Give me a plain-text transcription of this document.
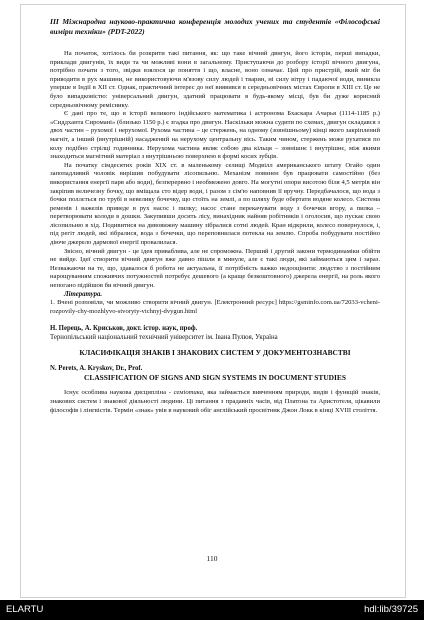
III Міжнародна науково-практична конференція молодих учених та студентів «Філософські виміри техніки» (PDT-2022)

На початок, хотілось би розкрити такі питання, як: що таке вічний двигун, його історія, перші випадки, приклади двигунів, їх види та чи можливі вони в загальному. Приступаючи до розбору історії вічного двигуна, потрібно почати з того, звідки взялося це поняття і що, власне, воно означає. Цей про пристрій, який міг би приводити в рух машини, не використовуючи м'язову силу людей і тварин, ні силу вітру і падаючої води, виникла уперше в Індії в XII ст. Однак, практичний інтерес до неї виявився в середньовічних містах Європи в XIII ст. Це не було випадковістю: універсальний двигун, здатний працювати в будь-якому місці, був би дуже корисний середньовічному реміснику.

Є дані про те, що в історії великого індійського математика і астронома Бхаскара Ачарья (1114-1185 р.) «Сиддханта Сиромані» (близько 1150 р.) є згадка про двигун. Наскільки можна судити по схемах, двигун складався з двох частин – рухомої і нерухомої. Рухома частина – це стержень, на одному (зовнішньому) кінці якого закріплений магніт, а інший (внутрішній) насаджений на нерухому центральну вісь. Таким чином, стержень може рухатися по колу подібно стрілці годинника. Нерухома частина являє собою два кільця – зовнішнє і внутрішнє, між якими знаходиться магнітний матеріал з внутрішньою поверхнею в формі косих зубців.

На початку сімдесятих років XIX ст. в маленькому селищі Модвілл американського штату Огайо один запопадливий чоловік вирішив побудувати лісопильню. Механізм повинен був працювати самостійно (без використання енергії парв або води), безперервно і необмежено довго. На могутні опори висотою біля 4,5 метрів він закріпив величезну бочку, що вміщала сто відер води, і разом з сім'ю наповнив її вручну. Передбачалося, що вода з бочки поллється по трубі в невелику бочечку, що стоїть на землі, а по шляху буде обертати водяне колесо. Система ременів і важелів приведе в рух насос і пилку; насос стане перекачувати воду з бочечки вгору, а пилка – перетворювати колоди в дошки. Закупивши досить лісу, винахідник найняв робітників і оголосив, що пускає свою лісопильню в хід. Подивитися на дивовижну машину зібралися сотні людей. Кран відкрили, колесо повернулося, і, під регіт людей, які зібралися, вода з бочечки, що переповнилася потекла на землю. Спроба побудувати постійно діюче джерело дармової енергії провалилася.

Звісно, вічний двигун - це ідея привабливa, але не спроможна. Перший і другий закони термодинаміки обійти не вийде. Ідеї створити вічний двигун вже давно пішли в минуле, але є такі люди, які займаються цим і зараз. Незважаючи на те, що, здавалося б робота не актуальна, її потрібність важко недооцінити: людство з постійним нарощуванням споживчих потужностей потребує дешевого (а краще безкоштовного) джерела енергії, на роль якого непогано підійшов би вічний двигун.

Література.

1. Вчені розповіли, чи можливо створити вічний двигун. [Електронний ресурс] https://gsminfo.com.ua/72033-vcheni-rozpovily-chy-mozhlyvo-stvoryty-vichnyj-dvygun.html

Н. Перець, А. Криськов, докт. істор. наук, проф.

Тернопільський національний технічний університет ім. Івана Пулюя, Україна

КЛАСИФІКАЦІЯ ЗНАКІВ І ЗНАКОВИХ СИСТЕМ У ДОКУМЕНТОЗНАВСТВІ

N. Perets, A. Kryskov, Dr., Prof.

CLASSIFICATION OF SIGNS AND SIGN SYSTEMS IN DOCUMENT STUDIES

Існує особлива наукова дисципліна - семіотика, яка займається вивченням природи, видів і функцій знаків, знакових систем і знакової діяльності людини. Ці питання з прадавніх часів, від Платона та Аристотеля, цікавили філософів і лінгвістів. Термін «знак» увів в науковий обіг англійський просвітник Джон Локк в кінці XVIII століття.

110
ELARTU	hdl:lib/39725
